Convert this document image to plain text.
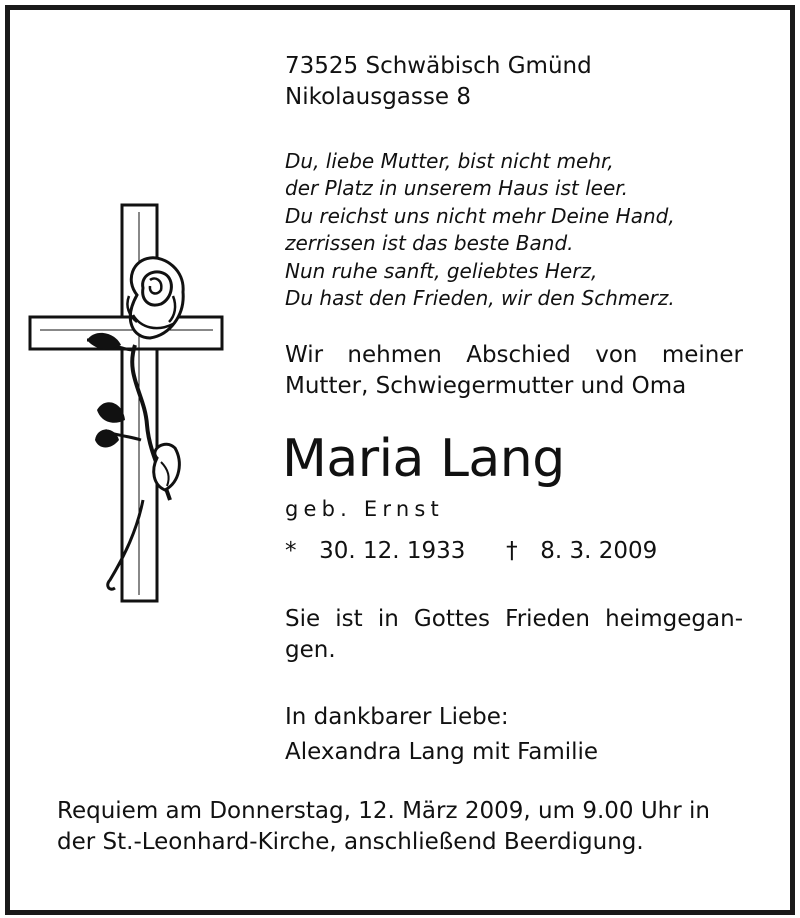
73525 Schwäbisch Gmünd
Nikolausgasse 8
Du, liebe Mutter, bist nicht mehr,
der Platz in unserem Haus ist leer.
Du reichst uns nicht mehr Deine Hand,
zerrissen ist das beste Band.
Nun ruhe sanft, geliebtes Herz,
Du hast den Frieden, wir den Schmerz.
Wir nehmen Abschied von meiner
Mutter, Schwiegermutter und Oma
Maria Lang
geb. Ernst
* 30. 12. 1933 † 8. 3. 2009
Sie ist in Gottes Frieden heimgegan-
gen.
In dankbarer Liebe:
Alexandra Lang mit Familie
Requiem am Donnerstag, 12. März 2009, um 9.00 Uhr in
der St.-Leonhard-Kirche, anschließend Beerdigung.
